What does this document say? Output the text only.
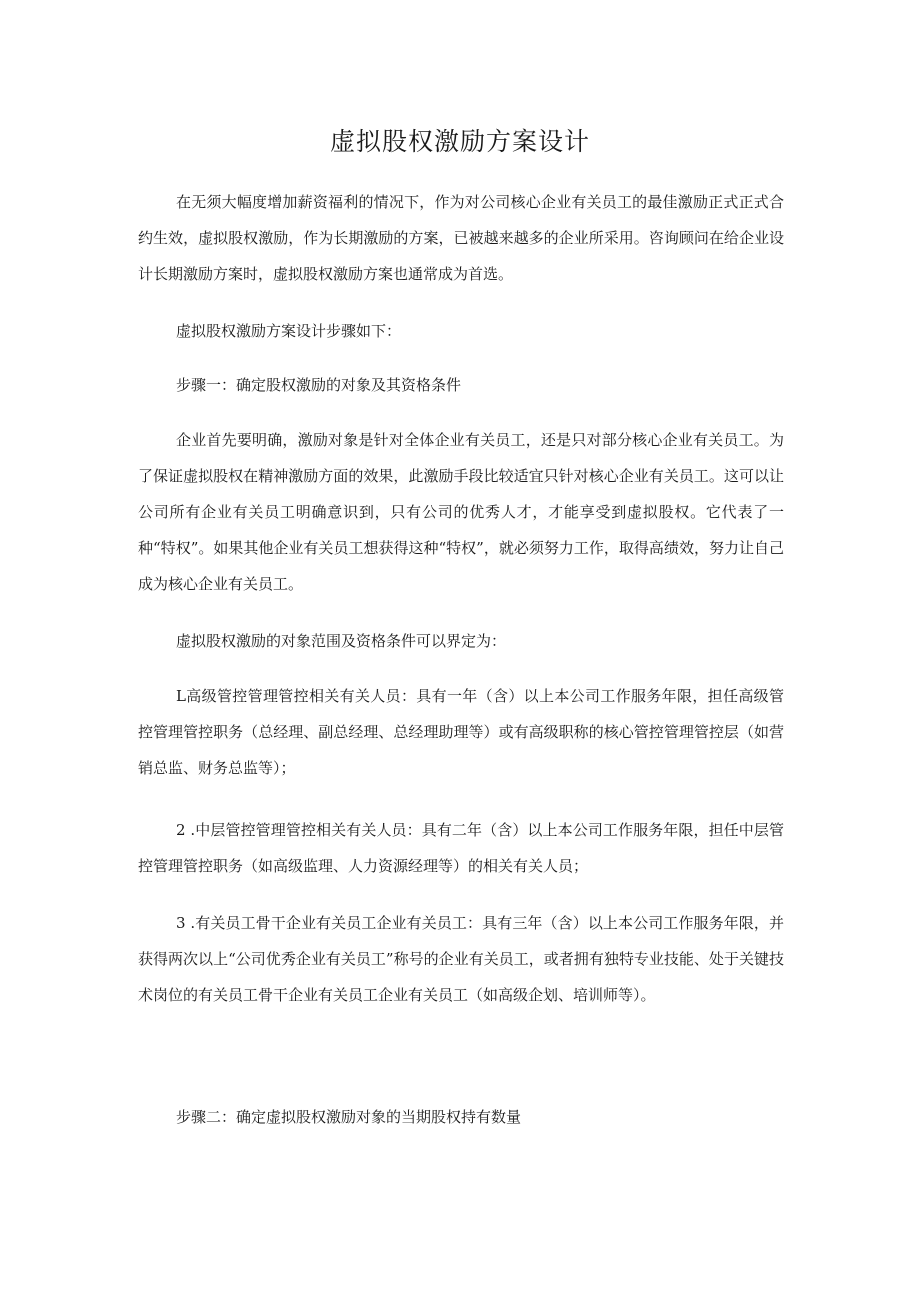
虚拟股权激励方案设计

在无须大幅度增加薪资福利的情况下，作为对公司核心企业有关员工的最佳激励正式正式合约生效，虚拟股权激励，作为长期激励的方案，已被越来越多的企业所采用。咨询顾问在给企业设计长期激励方案时，虚拟股权激励方案也通常成为首选。

虚拟股权激励方案设计步骤如下：

步骤一：确定股权激励的对象及其资格条件

企业首先要明确，激励对象是针对全体企业有关员工，还是只对部分核心企业有关员工。为了保证虚拟股权在精神激励方面的效果，此激励手段比较适宜只针对核心企业有关员工。这可以让公司所有企业有关员工明确意识到，只有公司的优秀人才，才能享受到虚拟股权。它代表了一种“特权”。如果其他企业有关员工想获得这种“特权”，就必须努力工作，取得高绩效，努力让自己成为核心企业有关员工。

虚拟股权激励的对象范围及资格条件可以界定为：

L高级管控管理管控相关有关人员：具有一年（含）以上本公司工作服务年限，担任高级管控管理管控职务（总经理、副总经理、总经理助理等）或有高级职称的核心管控管理管控层（如营销总监、财务总监等）；

2 .中层管控管理管控相关有关人员：具有二年（含）以上本公司工作服务年限，担任中层管控管理管控职务（如高级监理、人力资源经理等）的相关有关人员；

3 .有关员工骨干企业有关员工企业有关员工：具有三年（含）以上本公司工作服务年限，并获得两次以上“公司优秀企业有关员工”称号的企业有关员工，或者拥有独特专业技能、处于关键技术岗位的有关员工骨干企业有关员工企业有关员工（如高级企划、培训师等）。

步骤二：确定虚拟股权激励对象的当期股权持有数量
